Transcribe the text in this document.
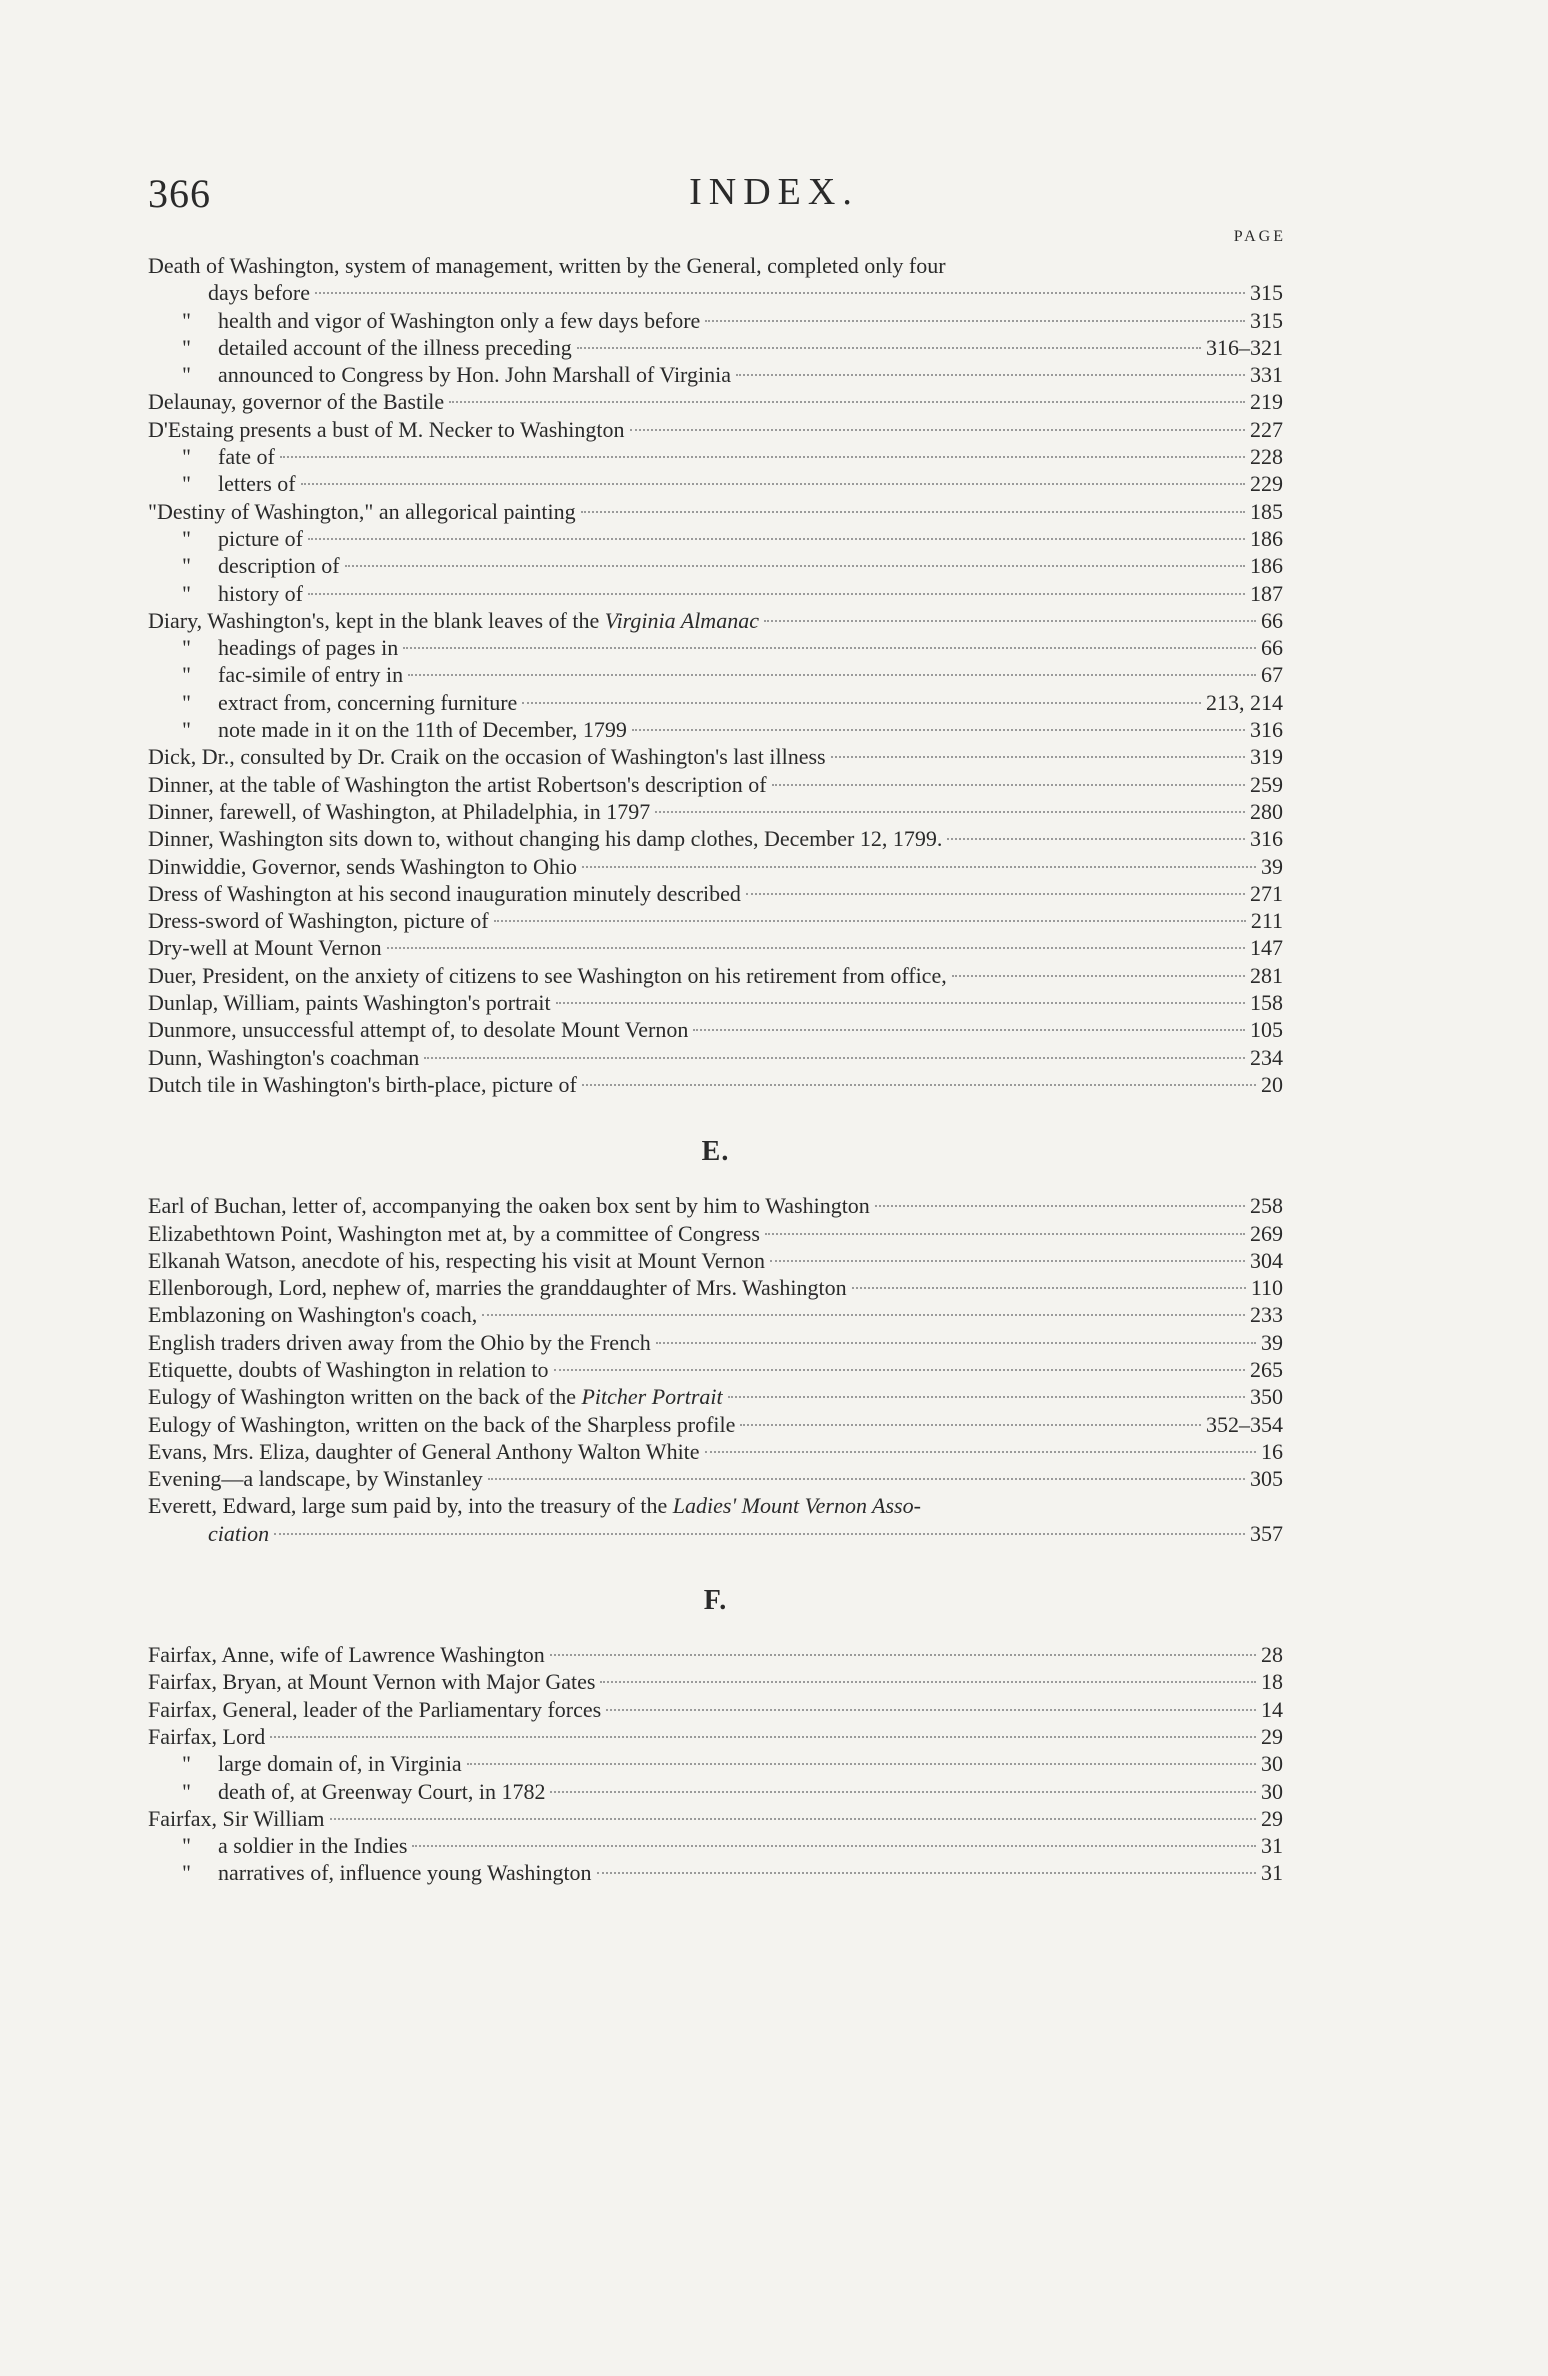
366	INDEX.
PAGE
Death of Washington, system of management, written by the General, completed only four
days before	315
" health and vigor of Washington only a few days before	315
" detailed account of the illness preceding	316–321
" announced to Congress by Hon. John Marshall of Virginia	331
Delaunay, governor of the Bastile	219
D'Estaing presents a bust of M. Necker to Washington	227
" fate of	228
" letters of	229
"Destiny of Washington," an allegorical painting	185
" picture of	186
" description of	186
" history of	187
Diary, Washington's, kept in the blank leaves of the Virginia Almanac	66
" headings of pages in	66
" fac-simile of entry in	67
" extract from, concerning furniture	213, 214
" note made in it on the 11th of December, 1799	316
Dick, Dr., consulted by Dr. Craik on the occasion of Washington's last illness	319
Dinner, at the table of Washington the artist Robertson's description of	259
Dinner, farewell, of Washington, at Philadelphia, in 1797	280
Dinner, Washington sits down to, without changing his damp clothes, December 12, 1799.	316
Dinwiddie, Governor, sends Washington to Ohio	39
Dress of Washington at his second inauguration minutely described	271
Dress-sword of Washington, picture of	211
Dry-well at Mount Vernon	147
Duer, President, on the anxiety of citizens to see Washington on his retirement from office,	281
Dunlap, William, paints Washington's portrait	158
Dunmore, unsuccessful attempt of, to desolate Mount Vernon	105
Dunn, Washington's coachman	234
Dutch tile in Washington's birth-place, picture of	20
E.
Earl of Buchan, letter of, accompanying the oaken box sent by him to Washington	258
Elizabethtown Point, Washington met at, by a committee of Congress	269
Elkanah Watson, anecdote of his, respecting his visit at Mount Vernon	304
Ellenborough, Lord, nephew of, marries the granddaughter of Mrs. Washington	110
Emblazoning on Washington's coach,	233
English traders driven away from the Ohio by the French	39
Etiquette, doubts of Washington in relation to	265
Eulogy of Washington written on the back of the Pitcher Portrait	350
Eulogy of Washington, written on the back of the Sharpless profile	352–354
Evans, Mrs. Eliza, daughter of General Anthony Walton White	16
Evening—a landscape, by Winstanley	305
Everett, Edward, large sum paid by, into the treasury of the Ladies' Mount Vernon Asso-
ciation	357
F.
Fairfax, Anne, wife of Lawrence Washington	28
Fairfax, Bryan, at Mount Vernon with Major Gates	18
Fairfax, General, leader of the Parliamentary forces	14
Fairfax, Lord	29
" large domain of, in Virginia	30
" death of, at Greenway Court, in 1782	30
Fairfax, Sir William	29
" a soldier in the Indies	31
" narratives of, influence young Washington	31
